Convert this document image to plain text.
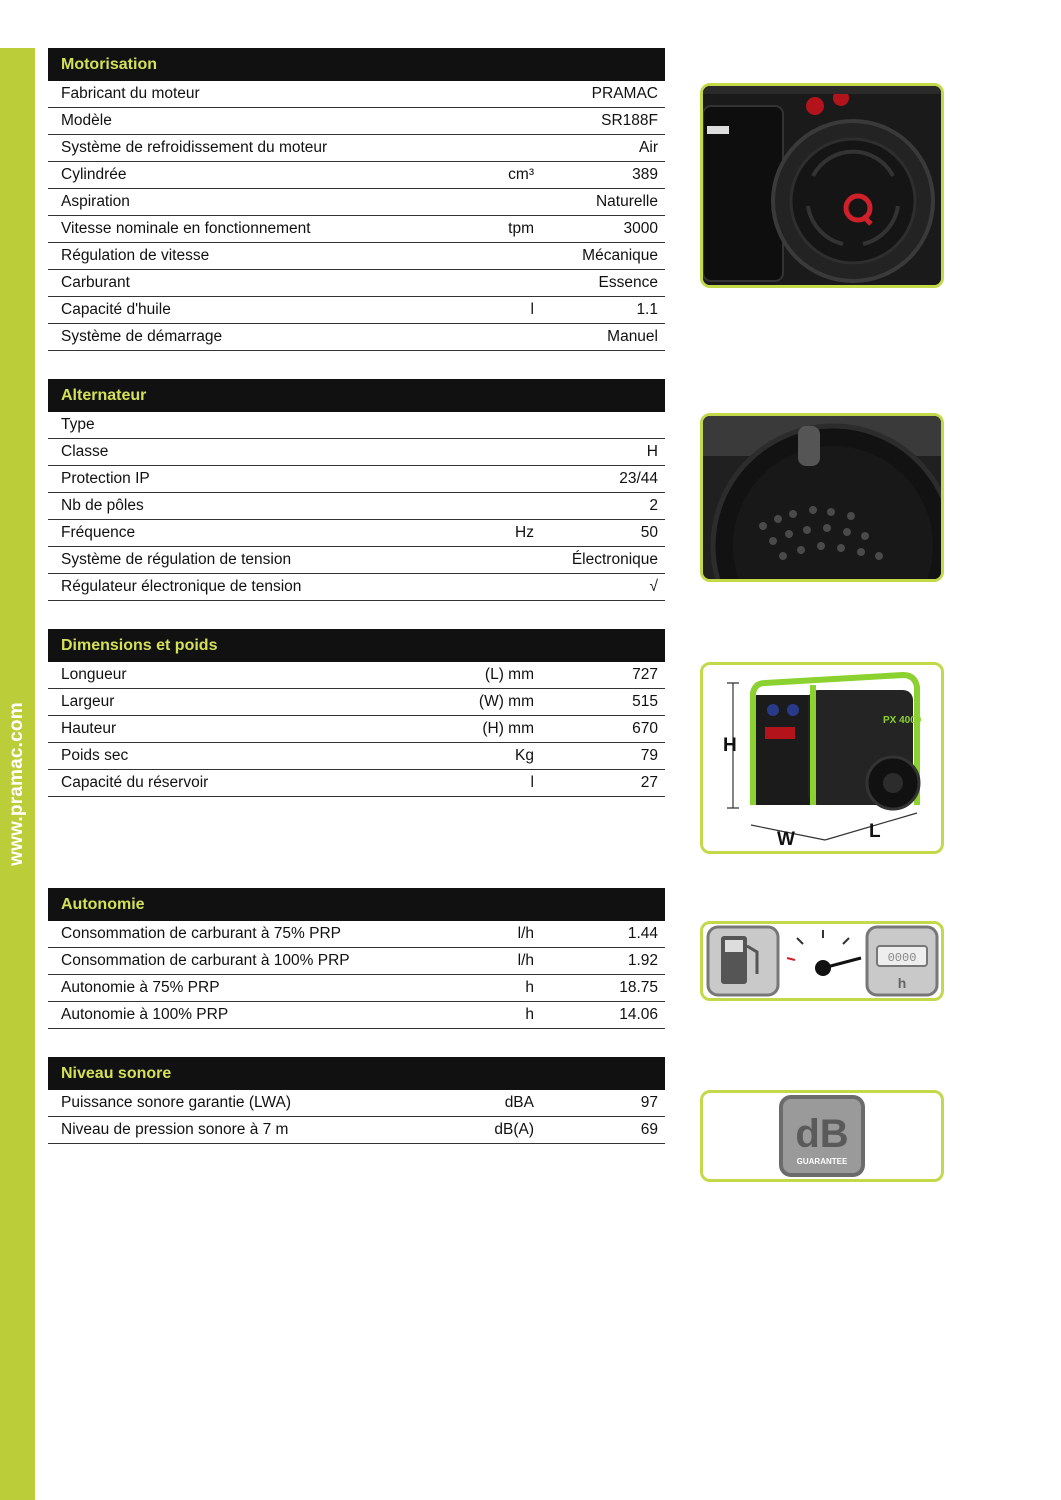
www.pramac.com
Motorisation
Fabricant du moteur	PRAMAC
Modèle	SR188F
Système de refroidissement du moteur	Air
Cylindrée	cm³	389
Aspiration	Naturelle
Vitesse nominale en fonctionnement	tpm	3000
Régulation de vitesse	Mécanique
Carburant	Essence
Capacité d'huile	l	1.1
Système de démarrage	Manuel
Alternateur
Type
Classe	H
Protection IP	23/44
Nb de pôles	2
Fréquence	Hz	50
Système de régulation de tension	Électronique
Régulateur électronique de tension	√
Dimensions et poids
Longueur	(L) mm	727
Largeur	(W) mm	515
Hauteur	(H) mm	670
Poids sec	Kg	79
Capacité du réservoir	l	27
Autonomie
Consommation de carburant à 75% PRP	l/h	1.44
Consommation de carburant à 100% PRP	l/h	1.92
Autonomie à 75% PRP	h	18.75
Autonomie à 100% PRP	h	14.06
Niveau sonore
Puissance sonore garantie (LWA)	dBA	97
Niveau de pression sonore à 7 m	dB(A)	69
H
PX 4000
W	L
0000
h
dB
GUARANTEE
